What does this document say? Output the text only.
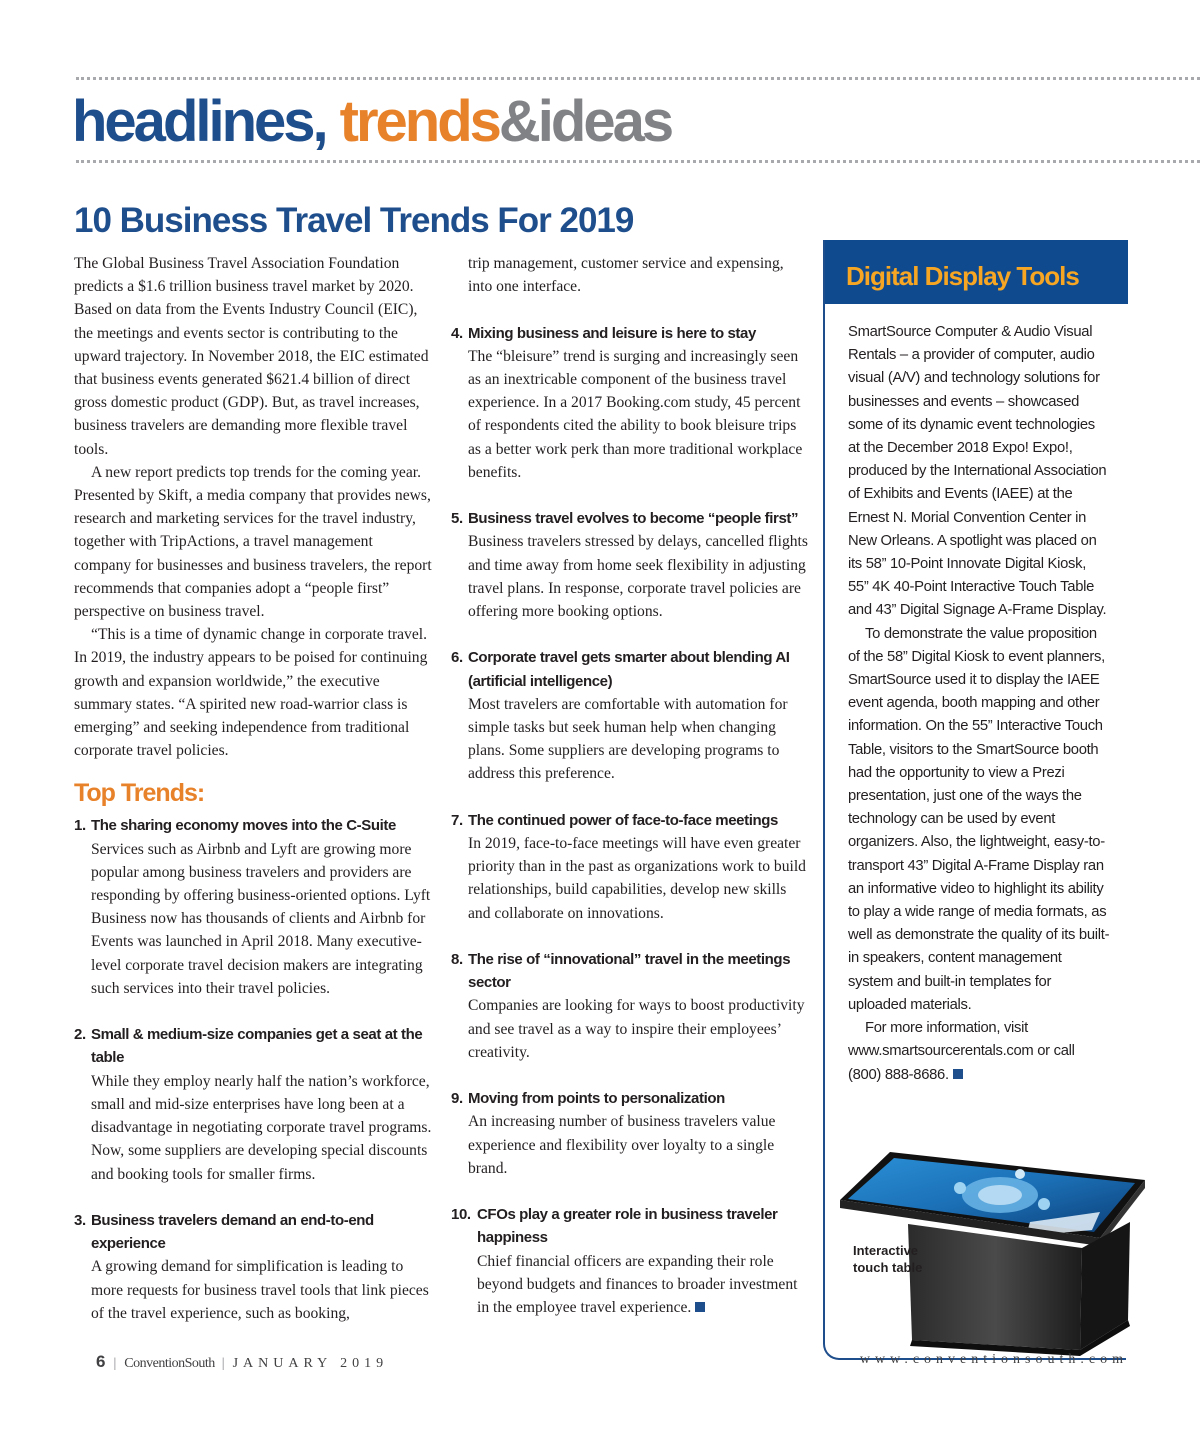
headlines, trends&ideas
10 Business Travel Trends For 2019

The Global Business Travel Association Foundation predicts a $1.6 trillion business travel market by 2020. Based on data from the Events Industry Council (EIC), the meetings and events sector is contributing to the upward trajectory. In November 2018, the EIC estimated that business events generated $621.4 billion of direct gross domestic product (GDP). But, as travel increases, business travelers are demanding more flexible travel tools.

A new report predicts top trends for the coming year. Presented by Skift, a media company that provides news, research and marketing services for the travel industry, together with TripActions, a travel management company for businesses and business travelers, the report recommends that companies adopt a “people first” perspective on business travel.

“This is a time of dynamic change in corporate travel. In 2019, the industry appears to be poised for continuing growth and expansion worldwide,” the executive summary states. “A spirited new road-warrior class is emerging” and seeking independence from traditional corporate travel policies.

Top Trends:
1. The sharing economy moves into the C-Suite

Services such as Airbnb and Lyft are growing more popular among business travelers and providers are responding by offering business-oriented options. Lyft Business now has thousands of clients and Airbnb for Events was launched in April 2018. Many executive-level corporate travel decision makers are integrating such services into their travel policies.

2. Small & medium-size companies get a seat at the table

While they employ nearly half the nation’s workforce, small and mid-size enterprises have long been at a disadvantage in negotiating corporate travel programs. Now, some suppliers are developing special discounts and booking tools for smaller firms.

3. Business travelers demand an end-to-end experience

A growing demand for simplification is leading to more requests for business travel tools that link pieces of the travel experience, such as booking,

trip management, customer service and expensing, into one interface.

4. Mixing business and leisure is here to stay

The “bleisure” trend is surging and increasingly seen as an inextricable component of the business travel experience. In a 2017 Booking.com study, 45 percent of respondents cited the ability to book bleisure trips as a better work perk than more traditional workplace benefits.

5. Business travel evolves to become “people first”

Business travelers stressed by delays, cancelled flights and time away from home seek flexibility in adjusting travel plans. In response, corporate travel policies are offering more booking options.

6. Corporate travel gets smarter about blending AI (artificial intelligence)

Most travelers are comfortable with automation for simple tasks but seek human help when changing plans. Some suppliers are developing programs to address this preference.

7. The continued power of face-to-face meetings

In 2019, face-to-face meetings will have even greater priority than in the past as organizations work to build relationships, build capabilities, develop new skills and collaborate on innovations.

8. The rise of “innovational” travel in the meetings sector

Companies are looking for ways to boost productivity and see travel as a way to inspire their employees’ creativity.

9. Moving from points to personalization

An increasing number of business travelers value experience and flexibility over loyalty to a single brand.

10. CFOs play a greater role in business traveler happiness

Chief financial officers are expanding their role beyond budgets and finances to broader investment in the employee travel experience.

Digital Display Tools

SmartSource Computer & Audio Visual Rentals – a provider of computer, audio visual (A/V) and technology solutions for businesses and events – showcased some of its dynamic event technologies at the December 2018 Expo! Expo!, produced by the International Association of Exhibits and Events (IAEE) at the Ernest N. Morial Convention Center in New Orleans. A spotlight was placed on its 58” 10-Point Innovate Digital Kiosk, 55” 4K 40-Point Interactive Touch Table and 43” Digital Signage A-Frame Display.

To demonstrate the value proposition of the 58” Digital Kiosk to event planners, SmartSource used it to display the IAEE event agenda, booth mapping and other information. On the 55” Interactive Touch Table, visitors to the SmartSource booth had the opportunity to view a Prezi presentation, just one of the ways the technology can be used by event organizers. Also, the lightweight, easy-to-transport 43” Digital A-Frame Display ran an informative video to highlight its ability to play a wide range of media formats, as well as demonstrate the quality of its built-in speakers, content management system and built-in templates for uploaded materials.

For more information, visit www.smartsourcerentals.com or call (800) 888-8686.

Interactive
touch table
6 | ConventionSouth | JANUARY 2019	www.conventionsouth.com
